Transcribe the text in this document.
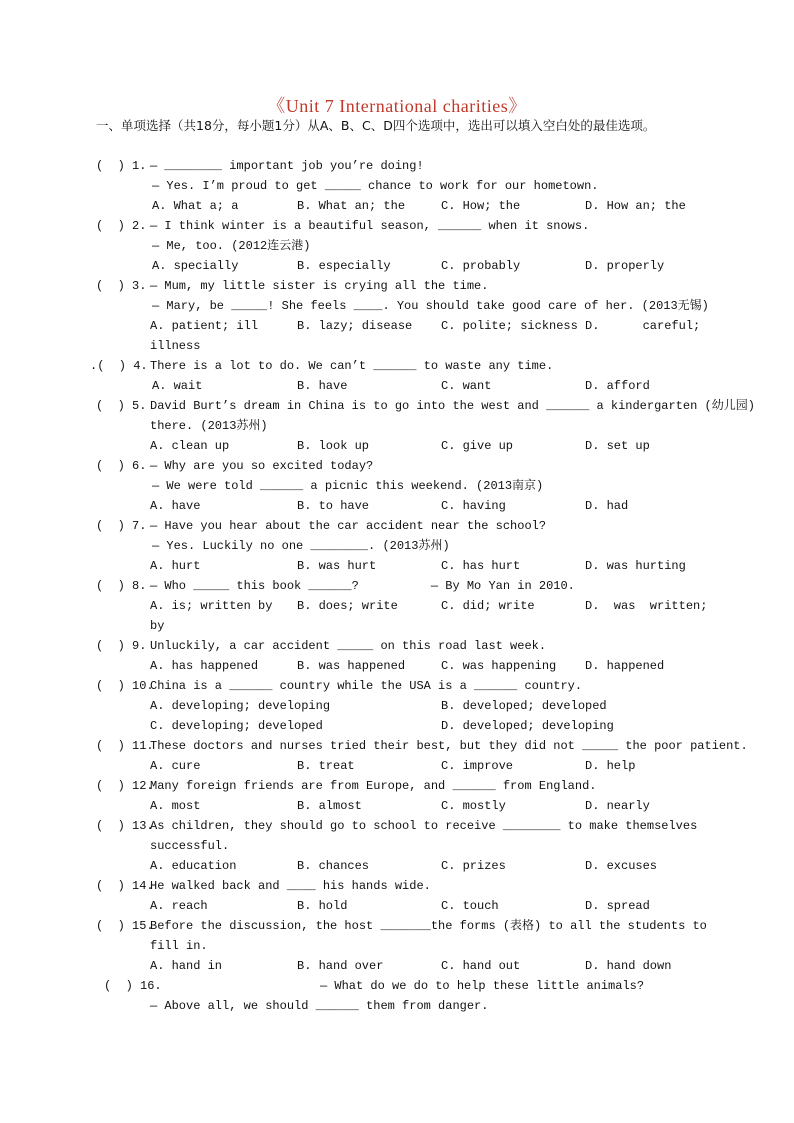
《Unit 7 International charities》
一、单项选择（共18分，每小题1分）从A、B、C、D四个选项中，选出可以填入空白处的最佳选项。
(  ) 1. — ________ important job you’re doing!
— Yes. I’m proud to get _____ chance to work for our hometown.
A. What a; a	B. What an; the	C. How; the	D. How an; the
(  ) 2. — I think winter is a beautiful season, ______ when it snows.
— Me, too. (2012连云港)
A. specially	B. especially	C. probably	D. properly
(  ) 3. — Mum, my little sister is crying all the time.
— Mary, be _____! She feels ____. You should take good care of her. (2013无锡)
A. patient; ill	B. lazy; disease C. polite; sickness D.      careful;
illness
.(  ) 4. There is a lot to do. We can’t ______ to waste any time.
A. wait	B. have	C. want	D. afford
(  ) 5. David Burt’s dream in China is to go into the west and ______ a kindergarten (幼儿园)
there. (2013苏州)
A. clean up	B. look up	C. give up	D. set up
(  ) 6. — Why are you so excited today?
— We were told ______ a picnic this weekend. (2013南京)
A. have	B. to have	C. having	D. had
(  ) 7. — Have you hear about the car accident near the school?
— Yes. Luckily no one ________. (2013苏州)
A. hurt	B. was hurt	C. has hurt	D. was hurting
(  ) 8. — Who _____ this book ______?          — By Mo Yan in 2010.
A. is; written by B. does; write	C. did; write	D.  was  written;
by
(  ) 9. Unluckily, a car accident _____ on this road last week.
A. has happened	B. was happened	C. was happening D. happened
(  ) 10.
China is a ______ country while the USA is a ______ country.
A. developing; developing	B. developed; developed
C. developing; developed	D. developed; developing
(  ) 11.
These doctors and nurses tried their best, but they did not _____ the poor patient.
A. cure	B. treat	C. improve	D. help
(  ) 12.
Many foreign friends are from Europe, and ______ from England.
A. most	B. almost	C. mostly	D. nearly
(  ) 13.
As children, they should go to school to receive ________ to make themselves
successful.
A. education	B. chances	C. prizes	D. excuses
(  ) 14.
He walked back and ____ his hands wide.
A. reach	B. hold	C. touch	D. spread
(  ) 15.
Before the discussion, the host _______the forms (表格) to all the students to
fill in.
A. hand in	B. hand over	C. hand out	D. hand down
(  ) 16.	— What do we do to help these little animals?
— Above all, we should ______ them from danger.
